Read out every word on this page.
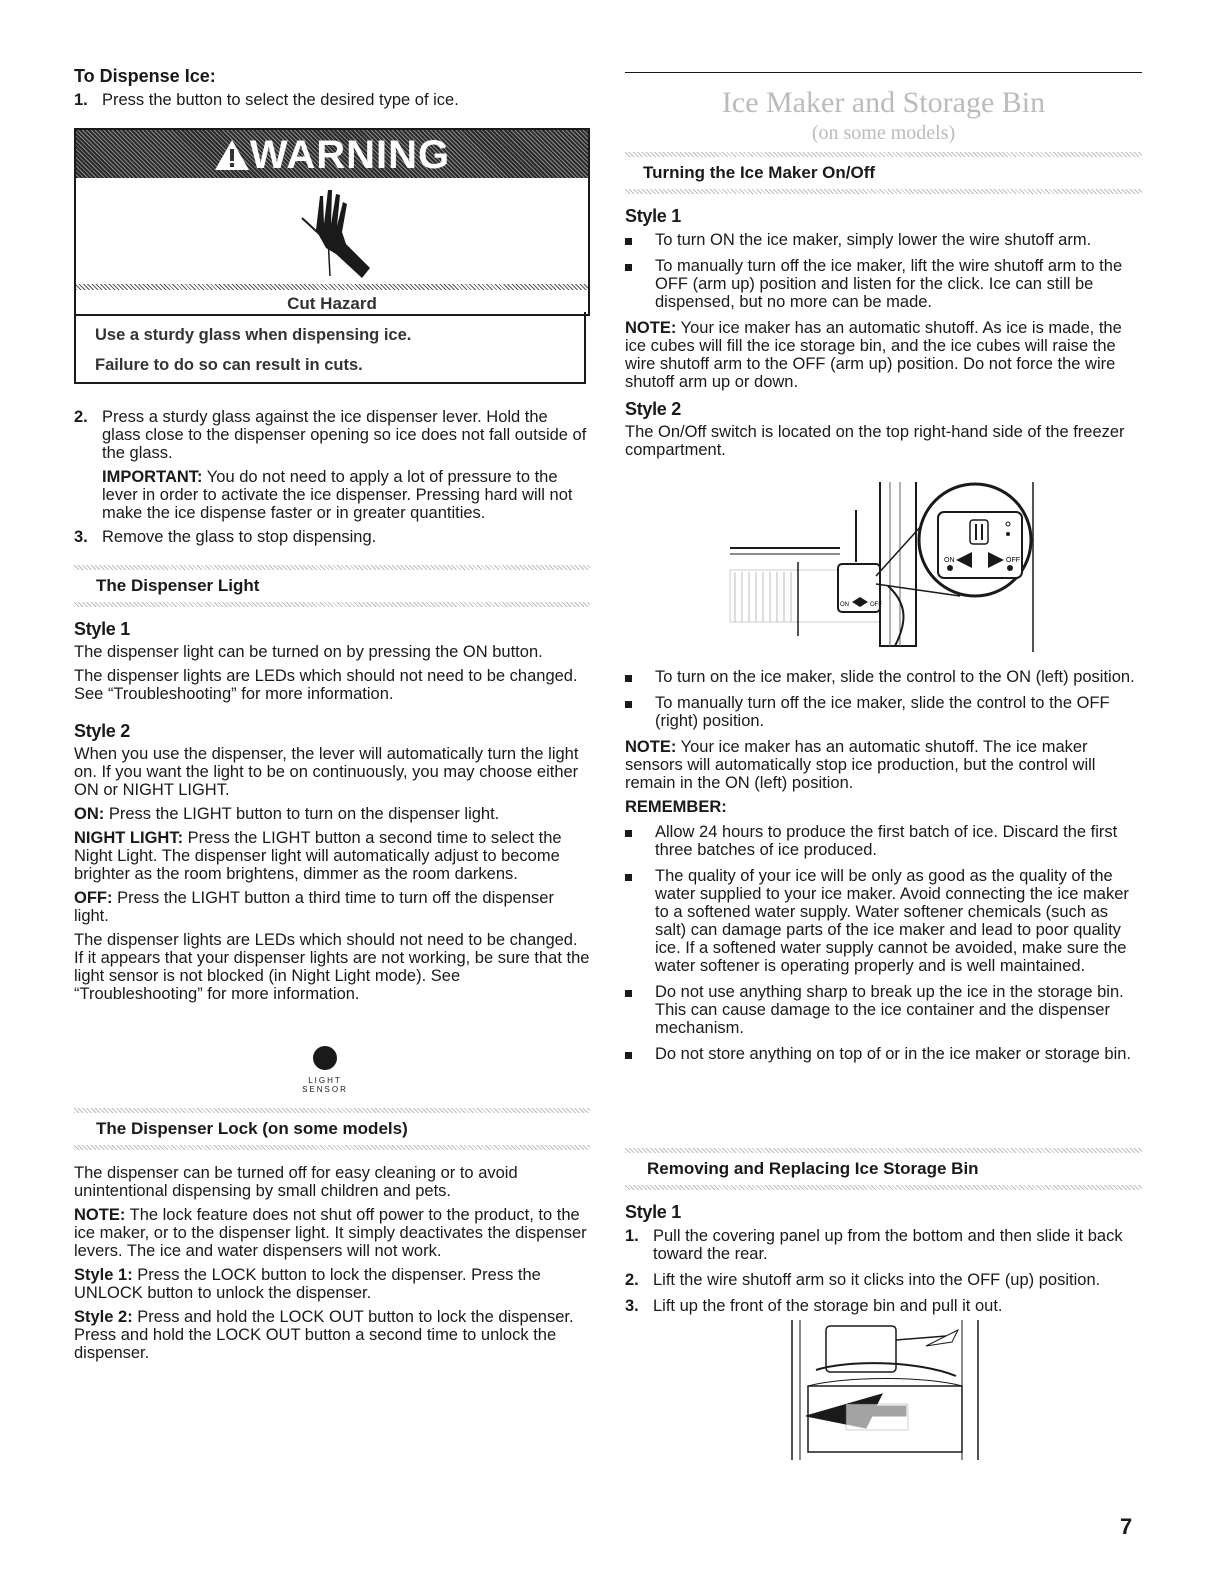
To Dispense Ice:
1. Press the button to select the desired type of ice.
WARNING
Cut Hazard
Use a sturdy glass when dispensing ice.
Failure to do so can result in cuts.
2. Press a sturdy glass against the ice dispenser lever. Hold the glass close to the dispenser opening so ice does not fall outside of the glass.

IMPORTANT: You do not need to apply a lot of pressure to the lever in order to activate the ice dispenser. Pressing hard will not make the ice dispense faster or in greater quantities.

3. Remove the glass to stop dispensing.
The Dispenser Light
Style 1

The dispenser light can be turned on by pressing the ON button.

The dispenser lights are LEDs which should not need to be changed. See “Troubleshooting” for more information.

Style 2

When you use the dispenser, the lever will automatically turn the light on. If you want the light to be on continuously, you may choose either ON or NIGHT LIGHT.

ON: Press the LIGHT button to turn on the dispenser light.

NIGHT LIGHT: Press the LIGHT button a second time to select the Night Light. The dispenser light will automatically adjust to become brighter as the room brightens, dimmer as the room darkens.

OFF: Press the LIGHT button a third time to turn off the dispenser light.

The dispenser lights are LEDs which should not need to be changed. If it appears that your dispenser lights are not working, be sure that the light sensor is not blocked (in Night Light mode). See “Troubleshooting” for more information.

LIGHT SENSOR
The Dispenser Lock (on some models)

The dispenser can be turned off for easy cleaning or to avoid unintentional dispensing by small children and pets.

NOTE: The lock feature does not shut off power to the product, to the ice maker, or to the dispenser light. It simply deactivates the dispenser levers. The ice and water dispensers will not work.

Style 1: Press the LOCK button to lock the dispenser. Press the UNLOCK button to unlock the dispenser.

Style 2: Press and hold the LOCK OUT button to lock the dispenser. Press and hold the LOCK OUT button a second time to unlock the dispenser.

Ice Maker and Storage Bin
(on some models)
Turning the Ice Maker On/Off
Style 1
To turn ON the ice maker, simply lower the wire shutoff arm.
To manually turn off the ice maker, lift the wire shutoff arm to the OFF (arm up) position and listen for the click. Ice can still be dispensed, but no more can be made.

NOTE: Your ice maker has an automatic shutoff. As ice is made, the ice cubes will fill the ice storage bin, and the ice cubes will raise the wire shutoff arm to the OFF (arm up) position. Do not force the wire shutoff arm up or down.

Style 2

The On/Off switch is located on the top right-hand side of the freezer compartment.

ON	OFF
ON	OFF
To turn on the ice maker, slide the control to the ON (left) position.
To manually turn off the ice maker, slide the control to the OFF (right) position.

NOTE: Your ice maker has an automatic shutoff. The ice maker sensors will automatically stop ice production, but the control will remain in the ON (left) position.

REMEMBER:
Allow 24 hours to produce the first batch of ice. Discard the first three batches of ice produced.
The quality of your ice will be only as good as the quality of the water supplied to your ice maker. Avoid connecting the ice maker to a softened water supply. Water softener chemicals (such as salt) can damage parts of the ice maker and lead to poor quality ice. If a softened water supply cannot be avoided, make sure the water softener is operating properly and is well maintained.
Do not use anything sharp to break up the ice in the storage bin. This can cause damage to the ice container and the dispenser mechanism.
Do not store anything on top of or in the ice maker or storage bin.
Removing and Replacing Ice Storage Bin
Style 1
1. Pull the covering panel up from the bottom and then slide it back toward the rear.
2. Lift the wire shutoff arm so it clicks into the OFF (up) position.
3. Lift up the front of the storage bin and pull it out.
7
